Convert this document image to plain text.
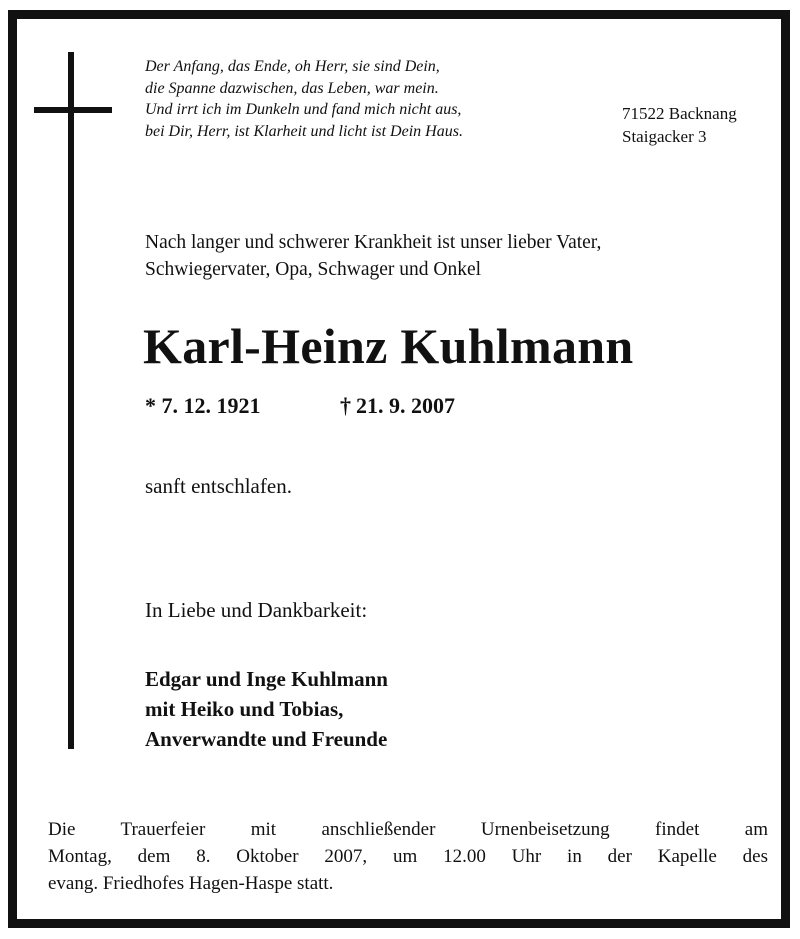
Der Anfang, das Ende, oh Herr, sie sind Dein,
die Spanne dazwischen, das Leben, war mein.
Und irrt ich im Dunkeln und fand mich nicht aus,
bei Dir, Herr, ist Klarheit und licht ist Dein Haus.
71522 Backnang
Staigacker 3
Nach langer und schwerer Krankheit ist unser lieber Vater,
Schwiegervater, Opa, Schwager und Onkel
Karl-Heinz Kuhlmann
* 7. 12. 1921	† 21. 9. 2007
sanft entschlafen.
In Liebe und Dankbarkeit:
Edgar und Inge Kuhlmann
mit Heiko und Tobias,
Anverwandte und Freunde
Die Trauerfeier mit anschließender Urnenbeisetzung findet am
Montag, dem 8. Oktober 2007, um 12.00 Uhr in der Kapelle des
evang. Friedhofes Hagen-Haspe statt.
